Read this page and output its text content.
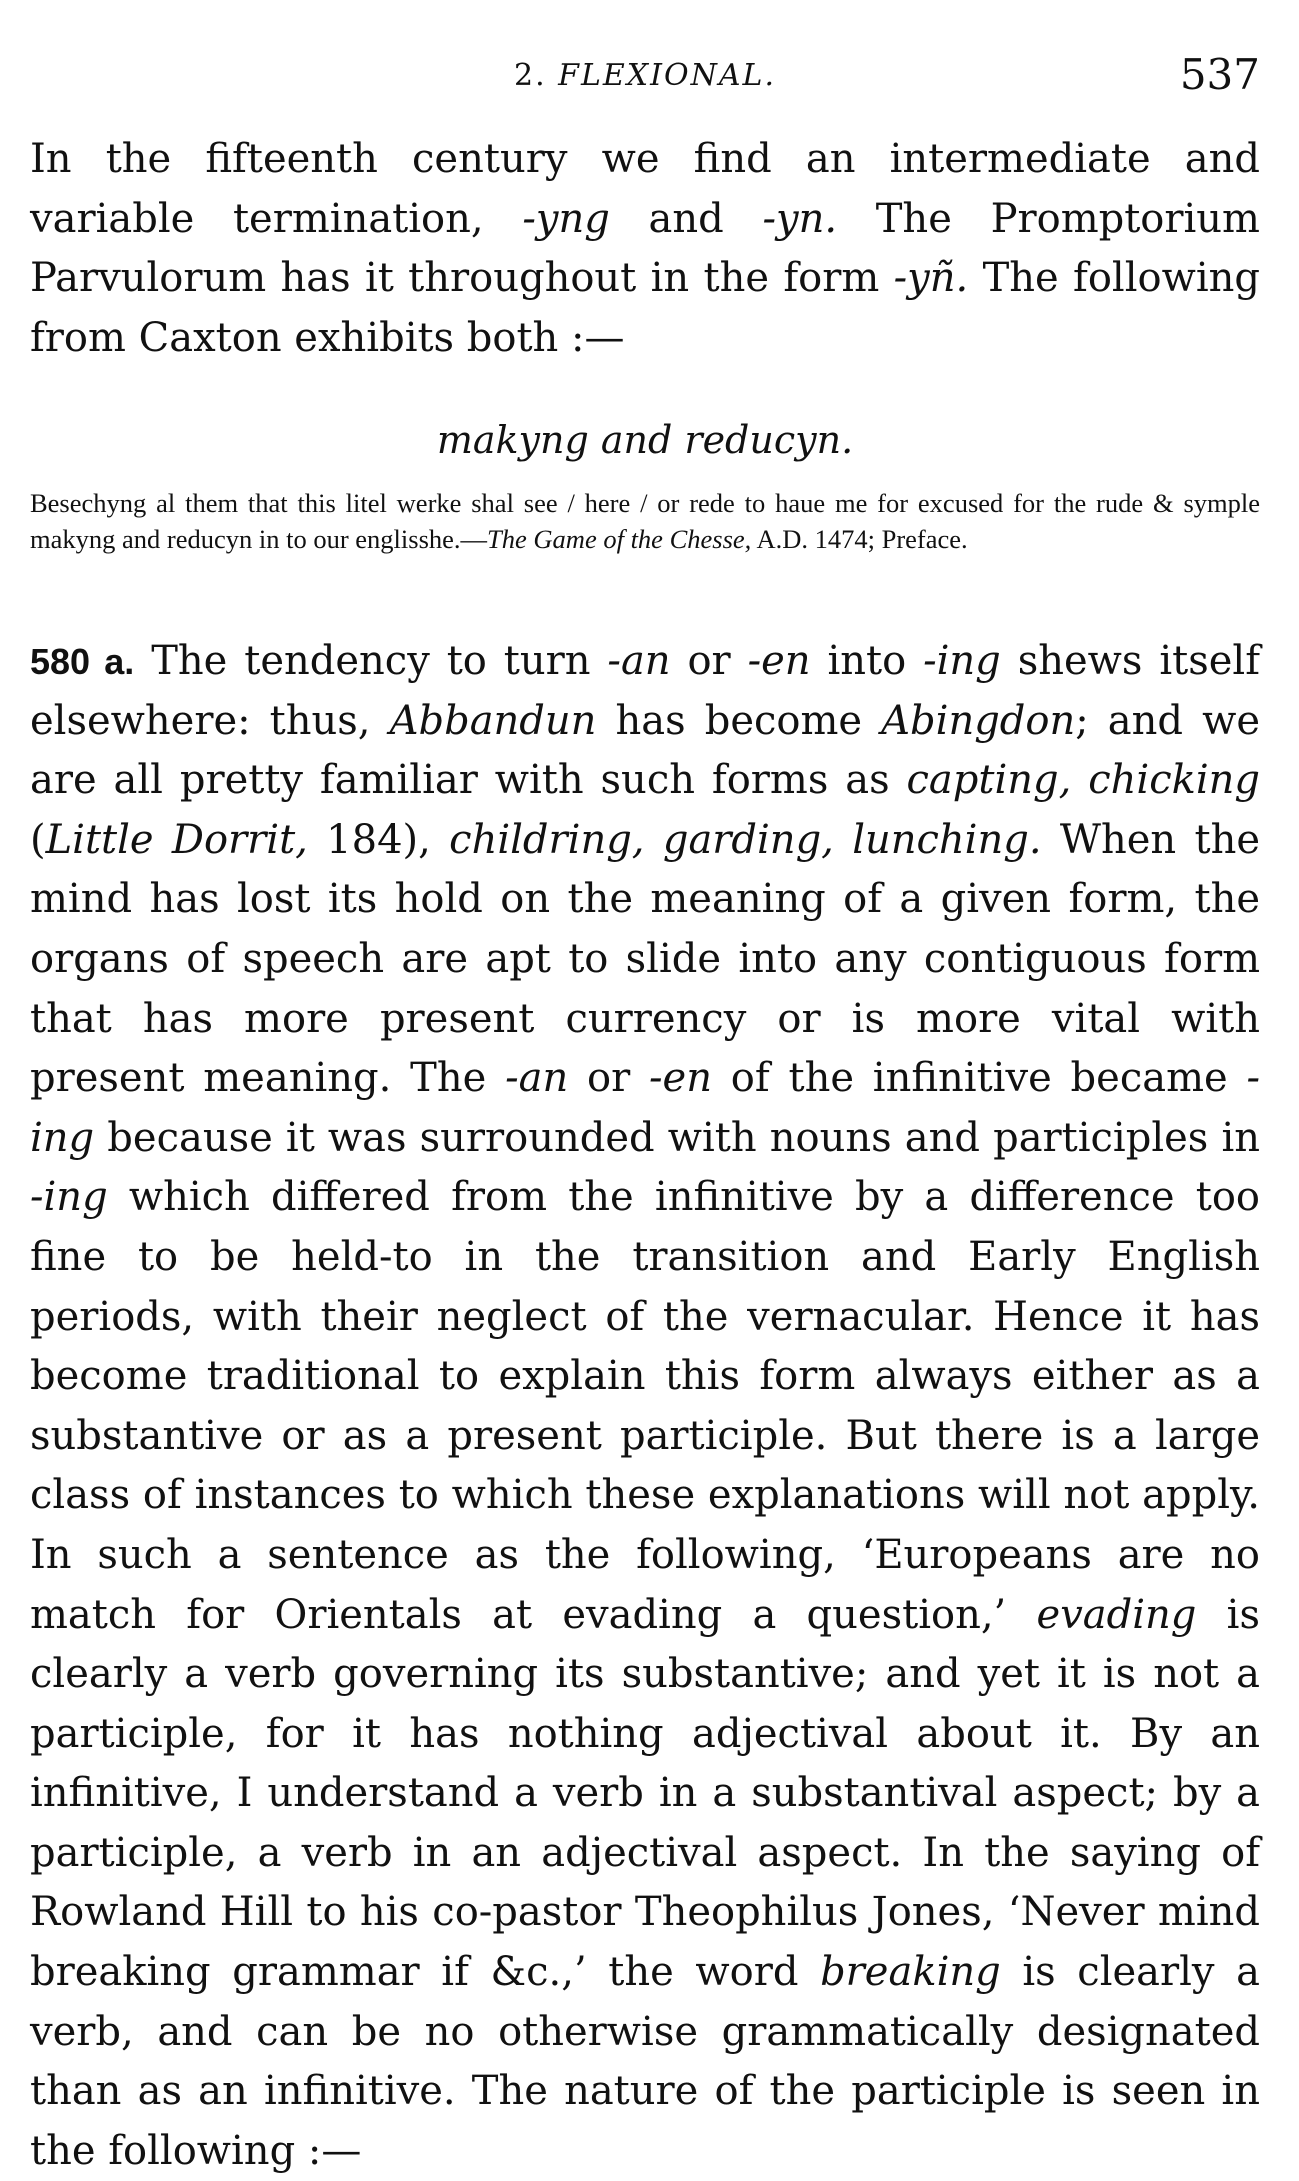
2. FLEXIONAL.	537
In the fifteenth century we find an intermediate and variable termination, -yng and -yn. The Promptorium Parvulorum has it throughout in the form -yñ. The following from Caxton exhibits both :—
makyng and reducyn.
Besechyng al them that this litel werke shal see / here / or rede to haue me for excused for the rude & symple makyng and reducyn in to our englisshe.—The Game of the Chesse, A.D. 1474; Preface.
580 a. The tendency to turn -an or -en into -ing shews itself elsewhere: thus, Abbandun has become Abingdon; and we are all pretty familiar with such forms as capting, chicking (Little Dorrit, 184), childring, garding, lunching. When the mind has lost its hold on the meaning of a given form, the organs of speech are apt to slide into any contiguous form that has more present currency or is more vital with present meaning. The -an or -en of the infinitive became -ing because it was surrounded with nouns and participles in -ing which differed from the infinitive by a difference too fine to be held-to in the transition and Early English periods, with their neglect of the vernacular. Hence it has become traditional to explain this form always either as a substantive or as a present participle. But there is a large class of instances to which these explanations will not apply. In such a sentence as the following, ‘Europeans are no match for Orientals at evading a question,’ evading is clearly a verb governing its substantive; and yet it is not a participle, for it has nothing adjectival about it. By an infinitive, I understand a verb in a substantival aspect; by a participle, a verb in an adjectival aspect. In the saying of Rowland Hill to his co-pastor Theophilus Jones, ‘Never mind breaking grammar if &c.,’ the word breaking is clearly a verb, and can be no otherwise grammatically designated than as an infinitive. The nature of the participle is seen in the following :—
